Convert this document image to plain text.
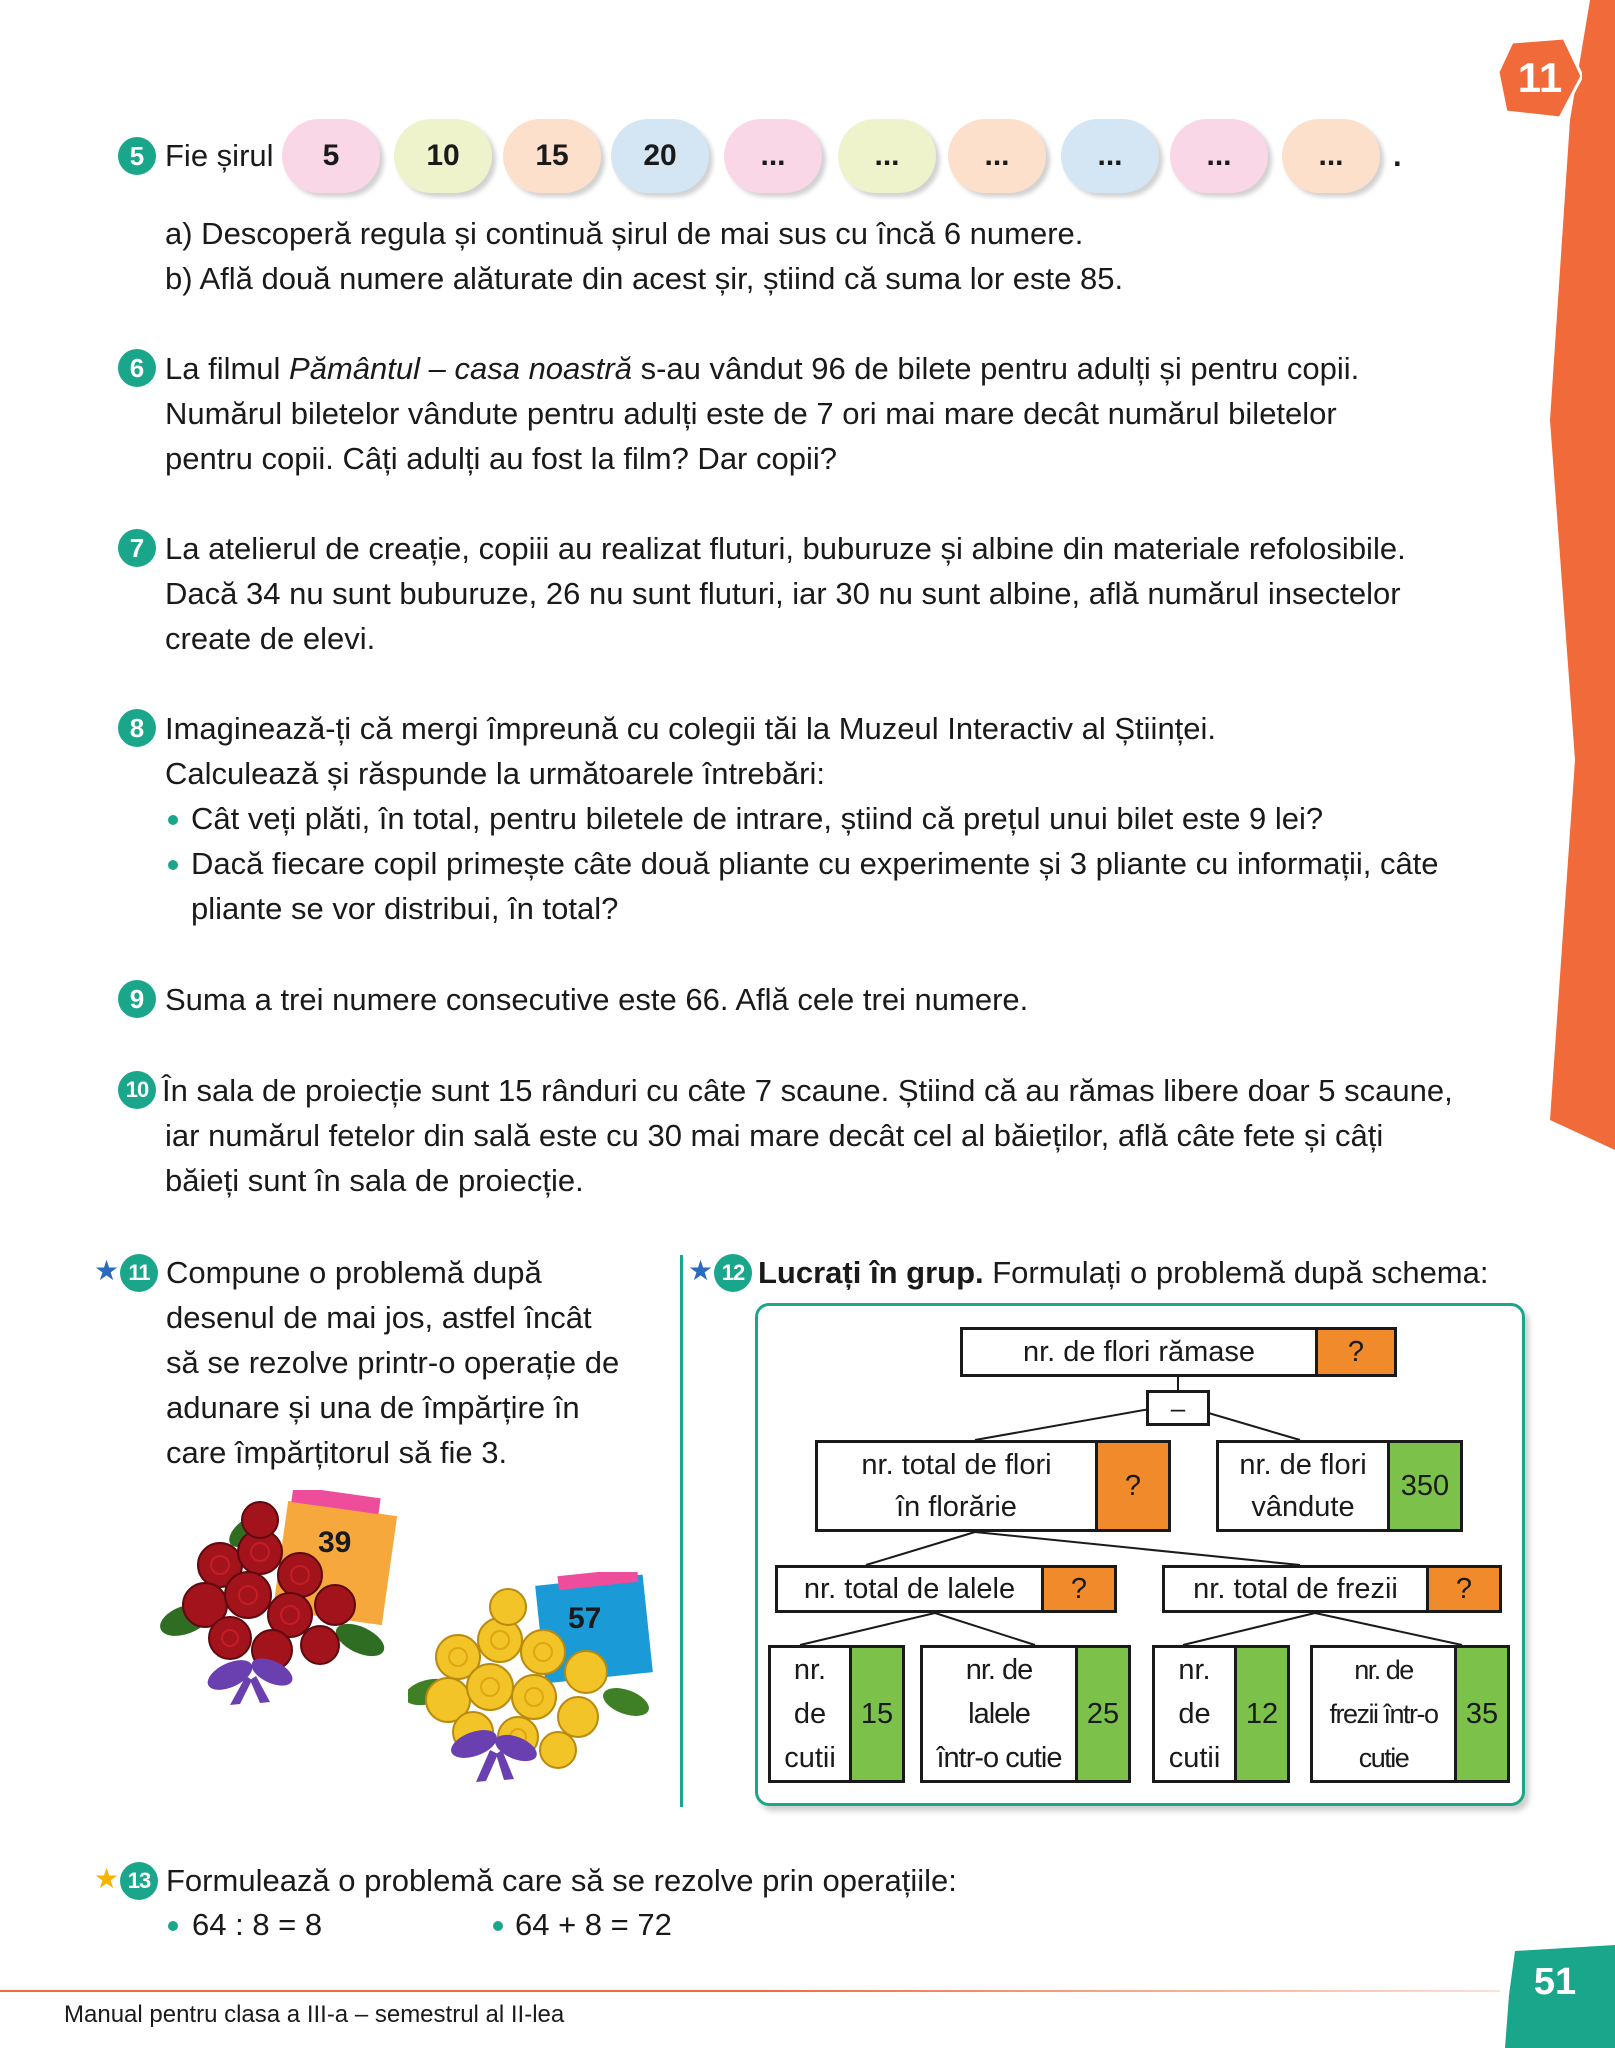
11
5 Fie șirul	5	10	15	20	...	...	...	...	...	...	.
a) Descoperă regula și continuă șirul de mai sus cu încă 6 numere.
b) Află două numere alăturate din acest șir, știind că suma lor este 85.
6 La filmul Pământul – casa noastră s-au vândut 96 de bilete pentru adulți și pentru copii.
Numărul biletelor vândute pentru adulți este de 7 ori mai mare decât numărul biletelor
pentru copii. Câți adulți au fost la film? Dar copii?
7 La atelierul de creație, copiii au realizat fluturi, buburuze și albine din materiale refolosibile.
Dacă 34 nu sunt buburuze, 26 nu sunt fluturi, iar 30 nu sunt albine, află numărul insectelor
create de elevi.
8 Imaginează-ți că mergi împreună cu colegii tăi la Muzeul Interactiv al Științei.
Calculează și răspunde la următoarele întrebări:
Cât veți plăti, în total, pentru biletele de intrare, știind că prețul unui bilet este 9 lei?
Dacă fiecare copil primește câte două pliante cu experimente și 3 pliante cu informații, câte
pliante se vor distribui, în total?
9 Suma a trei numere consecutive este 66. Află cele trei numere.
10 În sala de proiecție sunt 15 rânduri cu câte 7 scaune. Știind că au rămas libere doar 5 scaune,
iar numărul fetelor din sală este cu 30 mai mare decât cel al băieților, află câte fete și câți
băieți sunt în sala de proiecție.
★ 11 Compune o problemă după
desenul de mai jos, astfel încât
să se rezolve printr-o operație de
adunare și una de împărțire în
care împărțitorul să fie 3.
39
57
★ 12 Lucrați în grup. Formulați o problemă după schema:
nr. de flori rămase	?
–
nr. total de flori
în florărie
?
nr. de flori
vândute
350
nr. total de lalele	?	nr. total de frezii	?
nr.
de
cutii
15
nr. de
lalele
într-o cutie
25
nr.
de
cutii
12
nr. de
frezii într-o
cutie
35
★ 13 Formulează o problemă care să se rezolve prin operațiile:
64 : 8 = 8	64 + 8 = 72
Manual pentru clasa a III-a – semestrul al II-lea
51
